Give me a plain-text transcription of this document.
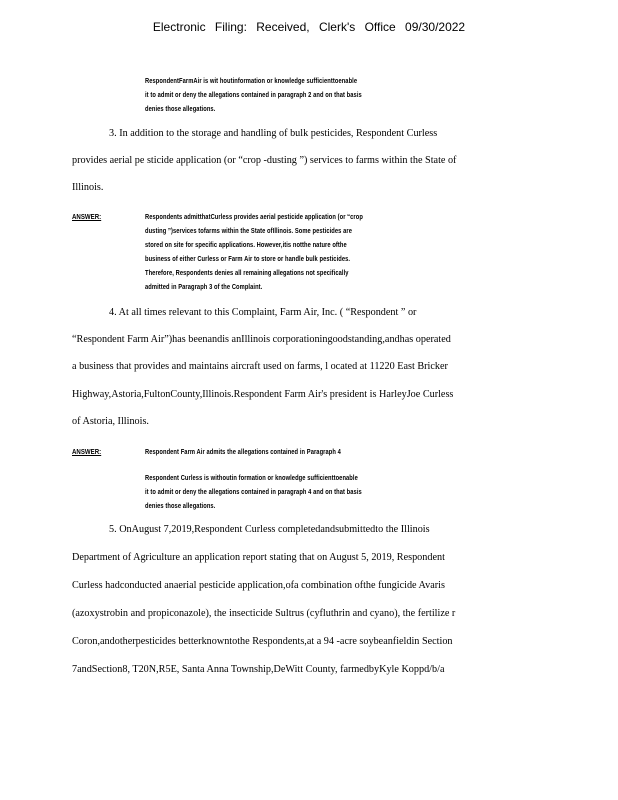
Electronic Filing: Received, Clerk's Office 09/30/2022
RespondentFarmAir is wit houtinformation or knowledge sufficienttoenable
it to admit or deny the allegations contained in paragraph 2 and on that basis
denies those allegations.
3. In addition to the storage and handling of bulk pesticides, Respondent Curless
provides aerial pe sticide application (or “crop -dusting ”) services to farms within the State of
Illinois.
ANSWER:	Respondents admitthatCurless provides aerial pesticide application (or “crop
dusting ”)services tofarms within the State ofIllinois. Some pesticides are
stored on site for specific applications. However,itis notthe nature ofthe
business of either Curless or Farm Air to store or handle bulk pesticides.
Therefore, Respondents denies all remaining allegations not specifically
admitted in Paragraph 3 of the Complaint.
4. At all times relevant to this Complaint, Farm Air, Inc. ( “Respondent ” or
“Respondent Farm Air”)has beenandis anIllinois corporationingoodstanding,andhas operated
a business that provides and maintains aircraft used on farms, l ocated at 11220 East Bricker
Highway,Astoria,FultonCounty,Illinois.Respondent Farm Air's president is HarleyJoe Curless
of Astoria, Illinois.
ANSWER:	Respondent Farm Air admits the allegations contained in Paragraph 4
Respondent Curless is withoutin formation or knowledge sufficienttoenable
it to admit or deny the allegations contained in paragraph 4 and on that basis
denies those allegations.
5. OnAugust 7,2019,Respondent Curless completedandsubmittedto the Illinois
Department of Agriculture an application report stating that on August 5, 2019, Respondent
Curless hadconducted anaerial pesticide application,ofa combination ofthe fungicide Avaris
(azoxystrobin and propiconazole), the insecticide Sultrus (cyfluthrin and cyano), the fertilize r
Coron,andotherpesticides betterknowntothe Respondents,at a 94 -acre soybeanfieldin Section
7andSection8, T20N,R5E, Santa Anna Township,DeWitt County, farmedbyKyle Koppd/b/a
